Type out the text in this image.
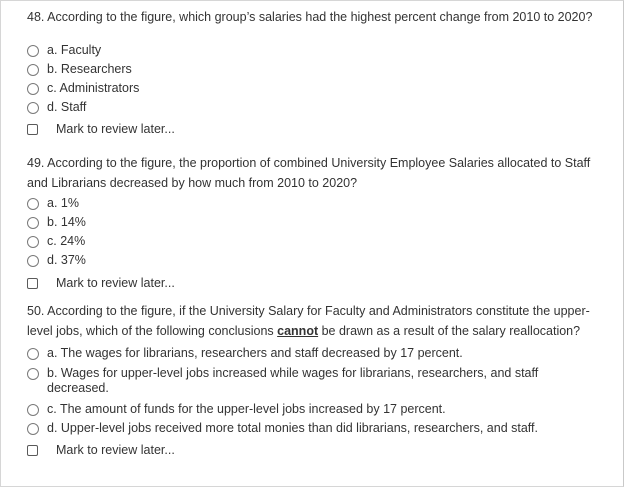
48. According to the figure, which group’s salaries had the highest percent change from 2010 to 2020?

a. Faculty
b. Researchers
c. Administrators
d. Staff
Mark to review later...

49. According to the figure, the proportion of combined University Employee Salaries allocated to Staff and Librarians decreased by how much from 2010 to 2020?

a. 1%
b. 14%
c. 24%
d. 37%
Mark to review later...

50. According to the figure, if the University Salary for Faculty and Administrators constitute the upper-level jobs, which of the following conclusions cannot be drawn as a result of the salary reallocation?

a. The wages for librarians, researchers and staff decreased by 17 percent.
b. Wages for upper-level jobs increased while wages for librarians, researchers, and staff decreased.
c. The amount of funds for the upper-level jobs increased by 17 percent.
d. Upper-level jobs received more total monies than did librarians, researchers, and staff.
Mark to review later...
